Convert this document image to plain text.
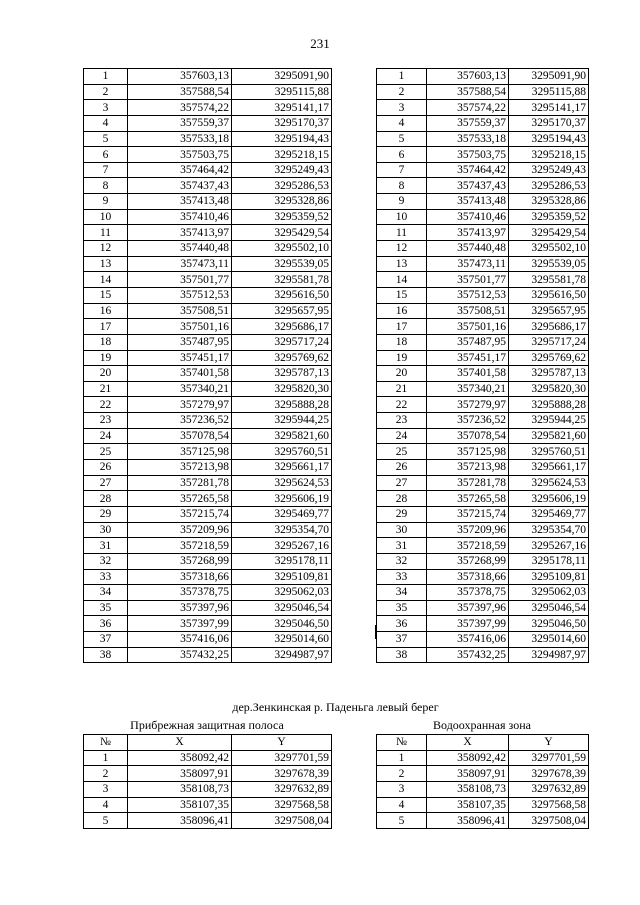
231
1	357603,13	3295091,90
2	357588,54	3295115,88
3	357574,22	3295141,17
4	357559,37	3295170,37
5	357533,18	3295194,43
6	357503,75	3295218,15
7	357464,42	3295249,43
8	357437,43	3295286,53
9	357413,48	3295328,86
10	357410,46	3295359,52
11	357413,97	3295429,54
12	357440,48	3295502,10
13	357473,11	3295539,05
14	357501,77	3295581,78
15	357512,53	3295616,50
16	357508,51	3295657,95
17	357501,16	3295686,17
18	357487,95	3295717,24
19	357451,17	3295769,62
20	357401,58	3295787,13
21	357340,21	3295820,30
22	357279,97	3295888,28
23	357236,52	3295944,25
24	357078,54	3295821,60
25	357125,98	3295760,51
26	357213,98	3295661,17
27	357281,78	3295624,53
28	357265,58	3295606,19
29	357215,74	3295469,77
30	357209,96	3295354,70
31	357218,59	3295267,16
32	357268,99	3295178,11
33	357318,66	3295109,81
34	357378,75	3295062,03
35	357397,96	3295046,54
36	357397,99	3295046,50
37	357416,06	3295014,60
38	357432,25	3294987,97
1	357603,13	3295091,90
2	357588,54	3295115,88
3	357574,22	3295141,17
4	357559,37	3295170,37
5	357533,18	3295194,43
6	357503,75	3295218,15
7	357464,42	3295249,43
8	357437,43	3295286,53
9	357413,48	3295328,86
10	357410,46	3295359,52
11	357413,97	3295429,54
12	357440,48	3295502,10
13	357473,11	3295539,05
14	357501,77	3295581,78
15	357512,53	3295616,50
16	357508,51	3295657,95
17	357501,16	3295686,17
18	357487,95	3295717,24
19	357451,17	3295769,62
20	357401,58	3295787,13
21	357340,21	3295820,30
22	357279,97	3295888,28
23	357236,52	3295944,25
24	357078,54	3295821,60
25	357125,98	3295760,51
26	357213,98	3295661,17
27	357281,78	3295624,53
28	357265,58	3295606,19
29	357215,74	3295469,77
30	357209,96	3295354,70
31	357218,59	3295267,16
32	357268,99	3295178,11
33	357318,66	3295109,81
34	357378,75	3295062,03
35	357397,96	3295046,54
36	357397,99	3295046,50
37	357416,06	3295014,60
38	357432,25	3294987,97
дер.Зенкинская р. Паденьга левый берег
Прибрежная защитная полоса	Водоохранная зона
№	X	Y
1	358092,42	3297701,59
2	358097,91	3297678,39
3	358108,73	3297632,89
4	358107,35	3297568,58
5	358096,41	3297508,04
№	X	Y
1	358092,42	3297701,59
2	358097,91	3297678,39
3	358108,73	3297632,89
4	358107,35	3297568,58
5	358096,41	3297508,04
